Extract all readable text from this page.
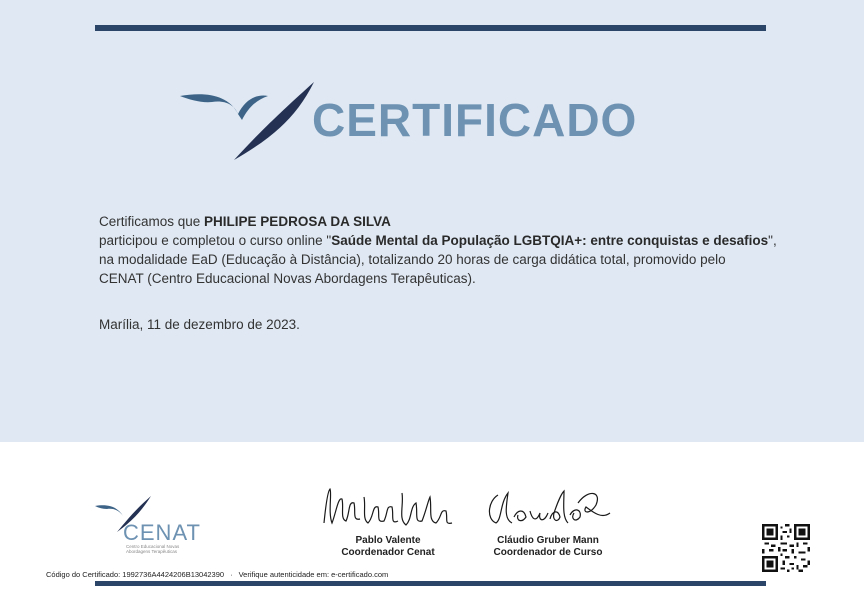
CERTIFICADO
Certificamos que PHILIPE PEDROSA DA SILVA
participou e completou o curso online "Saúde Mental da População LGBTQIA+: entre conquistas e desafios",
na modalidade EaD (Educação à Distância), totalizando 20 horas de carga didática total, promovido pelo
CENAT (Centro Educacional Novas Abordagens Terapêuticas).
Marília, 11 de dezembro de 2023.
CENAT
Centro Educacional Novas Abordagens Terapêuticas
Pablo Valente
Coordenador Cenat
Cláudio Gruber Mann
Coordenador de Curso
Código do Certificado: 1992736A4424206B13042390 · Verifique autenticidade em: e-certificado.com
